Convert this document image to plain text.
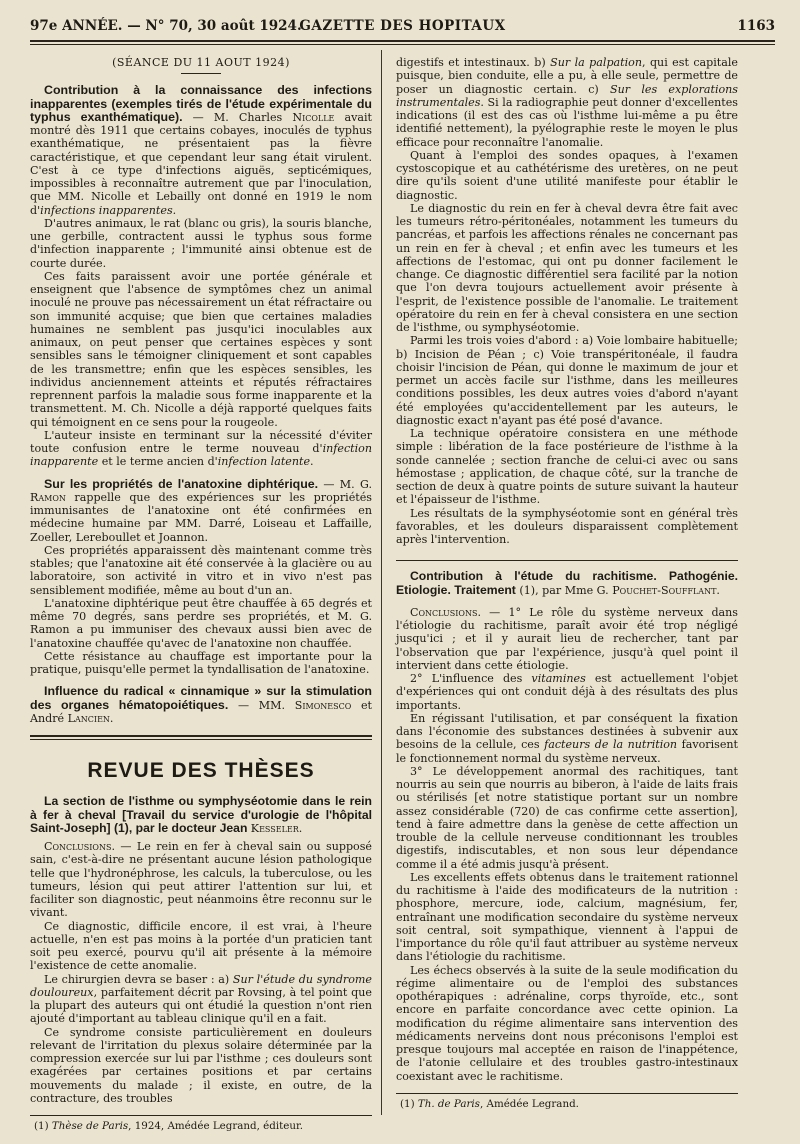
97e ANNÉE. — N° 70, 30 août 1924.
GAZETTE DES HOPITAUX	1163

(SÉANCE DU 11 AOUT 1924)

Contribution à la connaissance des infections inapparentes (exemples tirés de l'étude expérimentale du typhus exanthématique). — M. Charles Nicolle avait montré dès 1911 que certains cobayes, inoculés de typhus exanthématique, ne présentaient pas la fièvre caractéristique, et que cependant leur sang était virulent. C'est à ce type d'infections aiguës, septicémiques, impossibles à reconnaître autrement que par l'inoculation, que MM. Nicolle et Lebailly ont donné en 1919 le nom d'infections inapparentes.

D'autres animaux, le rat (blanc ou gris), la souris blanche, une gerbille, contractent aussi le typhus sous forme d'infection inapparente ; l'immunité ainsi obtenue est de courte durée.

Ces faits paraissent avoir une portée générale et enseignent que l'absence de symptômes chez un animal inoculé ne prouve pas nécessairement un état réfractaire ou son immunité acquise; que bien que certaines maladies humaines ne semblent pas jusqu'ici inoculables aux animaux, on peut penser que certaines espèces y sont sensibles sans le témoigner cliniquement et sont capables de les transmettre; enfin que les espèces sensibles, les individus anciennement atteints et réputés réfractaires reprennent parfois la maladie sous forme inapparente et la transmettent. M. Ch. Nicolle a déjà rapporté quelques faits qui témoignent en ce sens pour la rougeole.

L'auteur insiste en terminant sur la nécessité d'éviter toute confusion entre le terme nouveau d'infection inapparente et le terme ancien d'infection latente.

Sur les propriétés de l'anatoxine diphtérique. — M. G. Ramon rappelle que des expériences sur les propriétés immunisantes de l'anatoxine ont été confirmées en médecine humaine par MM. Darré, Loiseau et Laffaille, Zoeller, Lereboullet et Joannon.

Ces propriétés apparaissent dès maintenant comme très stables; que l'anatoxine ait été conservée à la glacière ou au laboratoire, son activité in vitro et in vivo n'est pas sensiblement modifiée, même au bout d'un an.

L'anatoxine diphtérique peut être chauffée à 65 degrés et même 70 degrés, sans perdre ses propriétés, et M. G. Ramon a pu immuniser des chevaux aussi bien avec de l'anatoxine chauffée qu'avec de l'anatoxine non chauffée.

Cette résistance au chauffage est importante pour la pratique, puisqu'elle permet la tyndallisation de l'anatoxine.

Influence du radical « cinnamique » sur la stimulation des organes hématopoiétiques. — MM. Simonesco et André Lancien.

REVUE DES THÈSES

La section de l'isthme ou symphyséotomie dans le rein à fer à cheval [Travail du service d'urologie de l'hôpital Saint-Joseph] (1), par le docteur Jean Kesseler.

Conclusions. — Le rein en fer à cheval sain ou supposé sain, c'est-à-dire ne présentant aucune lésion pathologique telle que l'hydronéphrose, les calculs, la tuberculose, ou les tumeurs, lésion qui peut attirer l'attention sur lui, et faciliter son diagnostic, peut néanmoins être reconnu sur le vivant.

Ce diagnostic, difficile encore, il est vrai, à l'heure actuelle, n'en est pas moins à la portée d'un praticien tant soit peu exercé, pourvu qu'il ait présente à la mémoire l'existence de cette anomalie.

Le chirurgien devra se baser : a) Sur l'étude du syndrome douloureux, parfaitement décrit par Rovsing, à tel point que la plupart des auteurs qui ont étudié la question n'ont rien ajouté d'important au tableau clinique qu'il en a fait.

Ce syndrome consiste particulièrement en douleurs relevant de l'irritation du plexus solaire déterminée par la compression exercée sur lui par l'isthme ; ces douleurs sont exagérées par certaines positions et par certains mouvements du malade ; il existe, en outre, de la contracture, des troubles

(1) Thèse de Paris, 1924, Amédée Legrand, éditeur.

digestifs et intestinaux. b) Sur la palpation, qui est capitale puisque, bien conduite, elle a pu, à elle seule, permettre de poser un diagnostic certain. c) Sur les explorations instrumentales. Si la radiographie peut donner d'excellentes indications (il est des cas où l'isthme lui-même a pu être identifié nettement), la pyélographie reste le moyen le plus efficace pour reconnaître l'anomalie.

Quant à l'emploi des sondes opaques, à l'examen cystoscopique et au cathétérisme des uretères, on ne peut dire qu'ils soient d'une utilité manifeste pour établir le diagnostic.

Le diagnostic du rein en fer à cheval devra être fait avec les tumeurs rétro-péritonéales, notamment les tumeurs du pancréas, et parfois les affections rénales ne concernant pas un rein en fer à cheval ; et enfin avec les tumeurs et les affections de l'estomac, qui ont pu donner facilement le change. Ce diagnostic différentiel sera facilité par la notion que l'on devra toujours actuellement avoir présente à l'esprit, de l'existence possible de l'anomalie. Le traitement opératoire du rein en fer à cheval consistera en une section de l'isthme, ou symphyséotomie.

Parmi les trois voies d'abord : a) Voie lombaire habituelle; b) Incision de Péan ; c) Voie transpéritonéale, il faudra choisir l'incision de Péan, qui donne le maximum de jour et permet un accès facile sur l'isthme, dans les meilleures conditions possibles, les deux autres voies d'abord n'ayant été employées qu'accidentellement par les auteurs, le diagnostic exact n'ayant pas été posé d'avance.

La technique opératoire consistera en une méthode simple : libération de la face postérieure de l'isthme à la sonde cannelée ; section franche de celui-ci avec ou sans hémostase ; application, de chaque côté, sur la tranche de section de deux à quatre points de suture suivant la hauteur et l'épaisseur de l'isthme.

Les résultats de la symphyséotomie sont en général très favorables, et les douleurs disparaissent complètement après l'intervention.

Contribution à l'étude du rachitisme. Pathogénie. Etiologie. Traitement (1), par Mme G. Pouchet-Soufflant.

Conclusions. — 1° Le rôle du système nerveux dans l'étiologie du rachitisme, paraît avoir été trop négligé jusqu'ici ; et il y aurait lieu de rechercher, tant par l'observation que par l'expérience, jusqu'à quel point il intervient dans cette étiologie.

2° L'influence des vitamines est actuellement l'objet d'expériences qui ont conduit déjà à des résultats des plus importants.

En régissant l'utilisation, et par conséquent la fixation dans l'économie des substances destinées à subvenir aux besoins de la cellule, ces facteurs de la nutrition favorisent le fonctionnement normal du système nerveux.

3° Le développement anormal des rachitiques, tant nourris au sein que nourris au biberon, à l'aide de laits frais ou stérilisés [et notre statistique portant sur un nombre assez considérable (720) de cas confirme cette assertion], tend à faire admettre dans la genèse de cette affection un trouble de la cellule nerveuse conditionnant les troubles digestifs, indiscutables, et non sous leur dépendance comme il a été admis jusqu'à présent.

Les excellents effets obtenus dans le traitement rationnel du rachitisme à l'aide des modificateurs de la nutrition : phosphore, mercure, iode, calcium, magnésium, fer, entraînant une modification secondaire du système nerveux soit central, soit sympathique, viennent à l'appui de l'importance du rôle qu'il faut attribuer au système nerveux dans l'étiologie du rachitisme.

Les échecs observés à la suite de la seule modification du régime alimentaire ou de l'emploi des substances opothérapiques : adrénaline, corps thyroïde, etc., sont encore en parfaite concordance avec cette opinion. La modification du régime alimentaire sans intervention des médicaments nerveins dont nous préconisons l'emploi est presque toujours mal acceptée en raison de l'inappétence, de l'atonie cellulaire et des troubles gastro-intestinaux coexistant avec le rachitisme.

(1) Th. de Paris, Amédée Legrand.
